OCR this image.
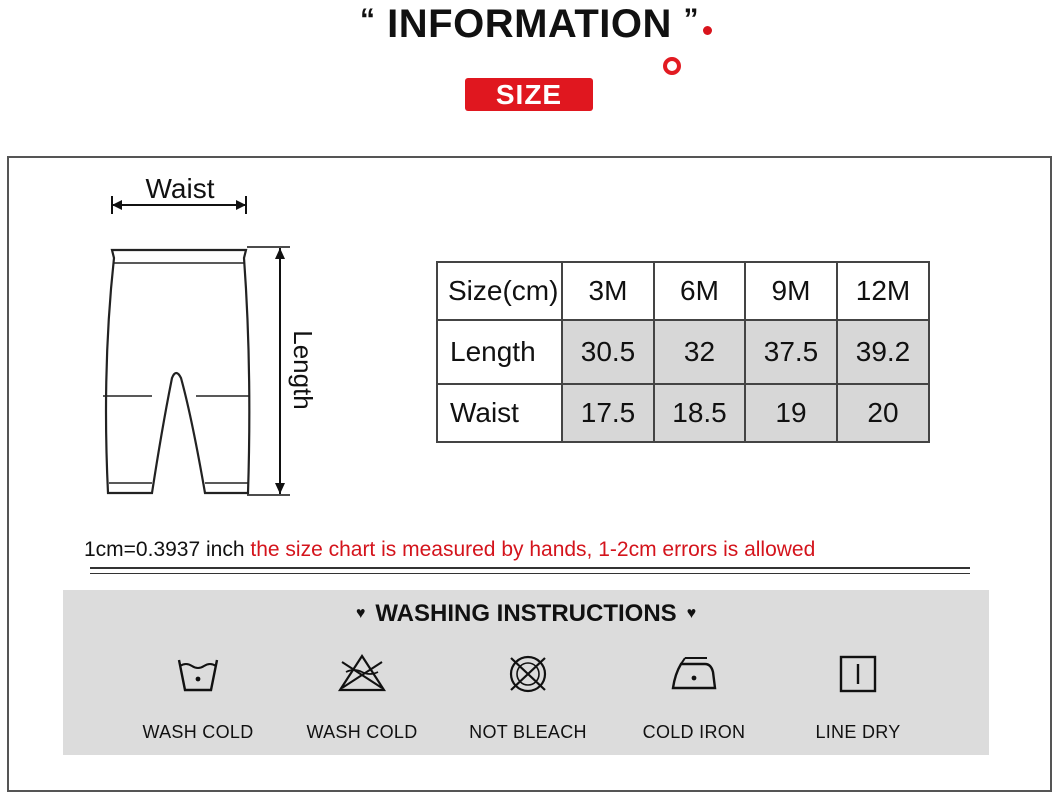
“ INFORMATION ”
SIZE
Waist
Length
Size(cm)	3M	6M	9M	12M
Length	30.5	32	37.5	39.2
Waist	17.5	18.5	19	20
1cm=0.3937 inch the size chart is measured by hands, 1-2cm errors is allowed
♥ WASHING INSTRUCTIONS ♥
WASH COLD	WASH COLD	NOT BLEACH	COLD IRON	LINE DRY
